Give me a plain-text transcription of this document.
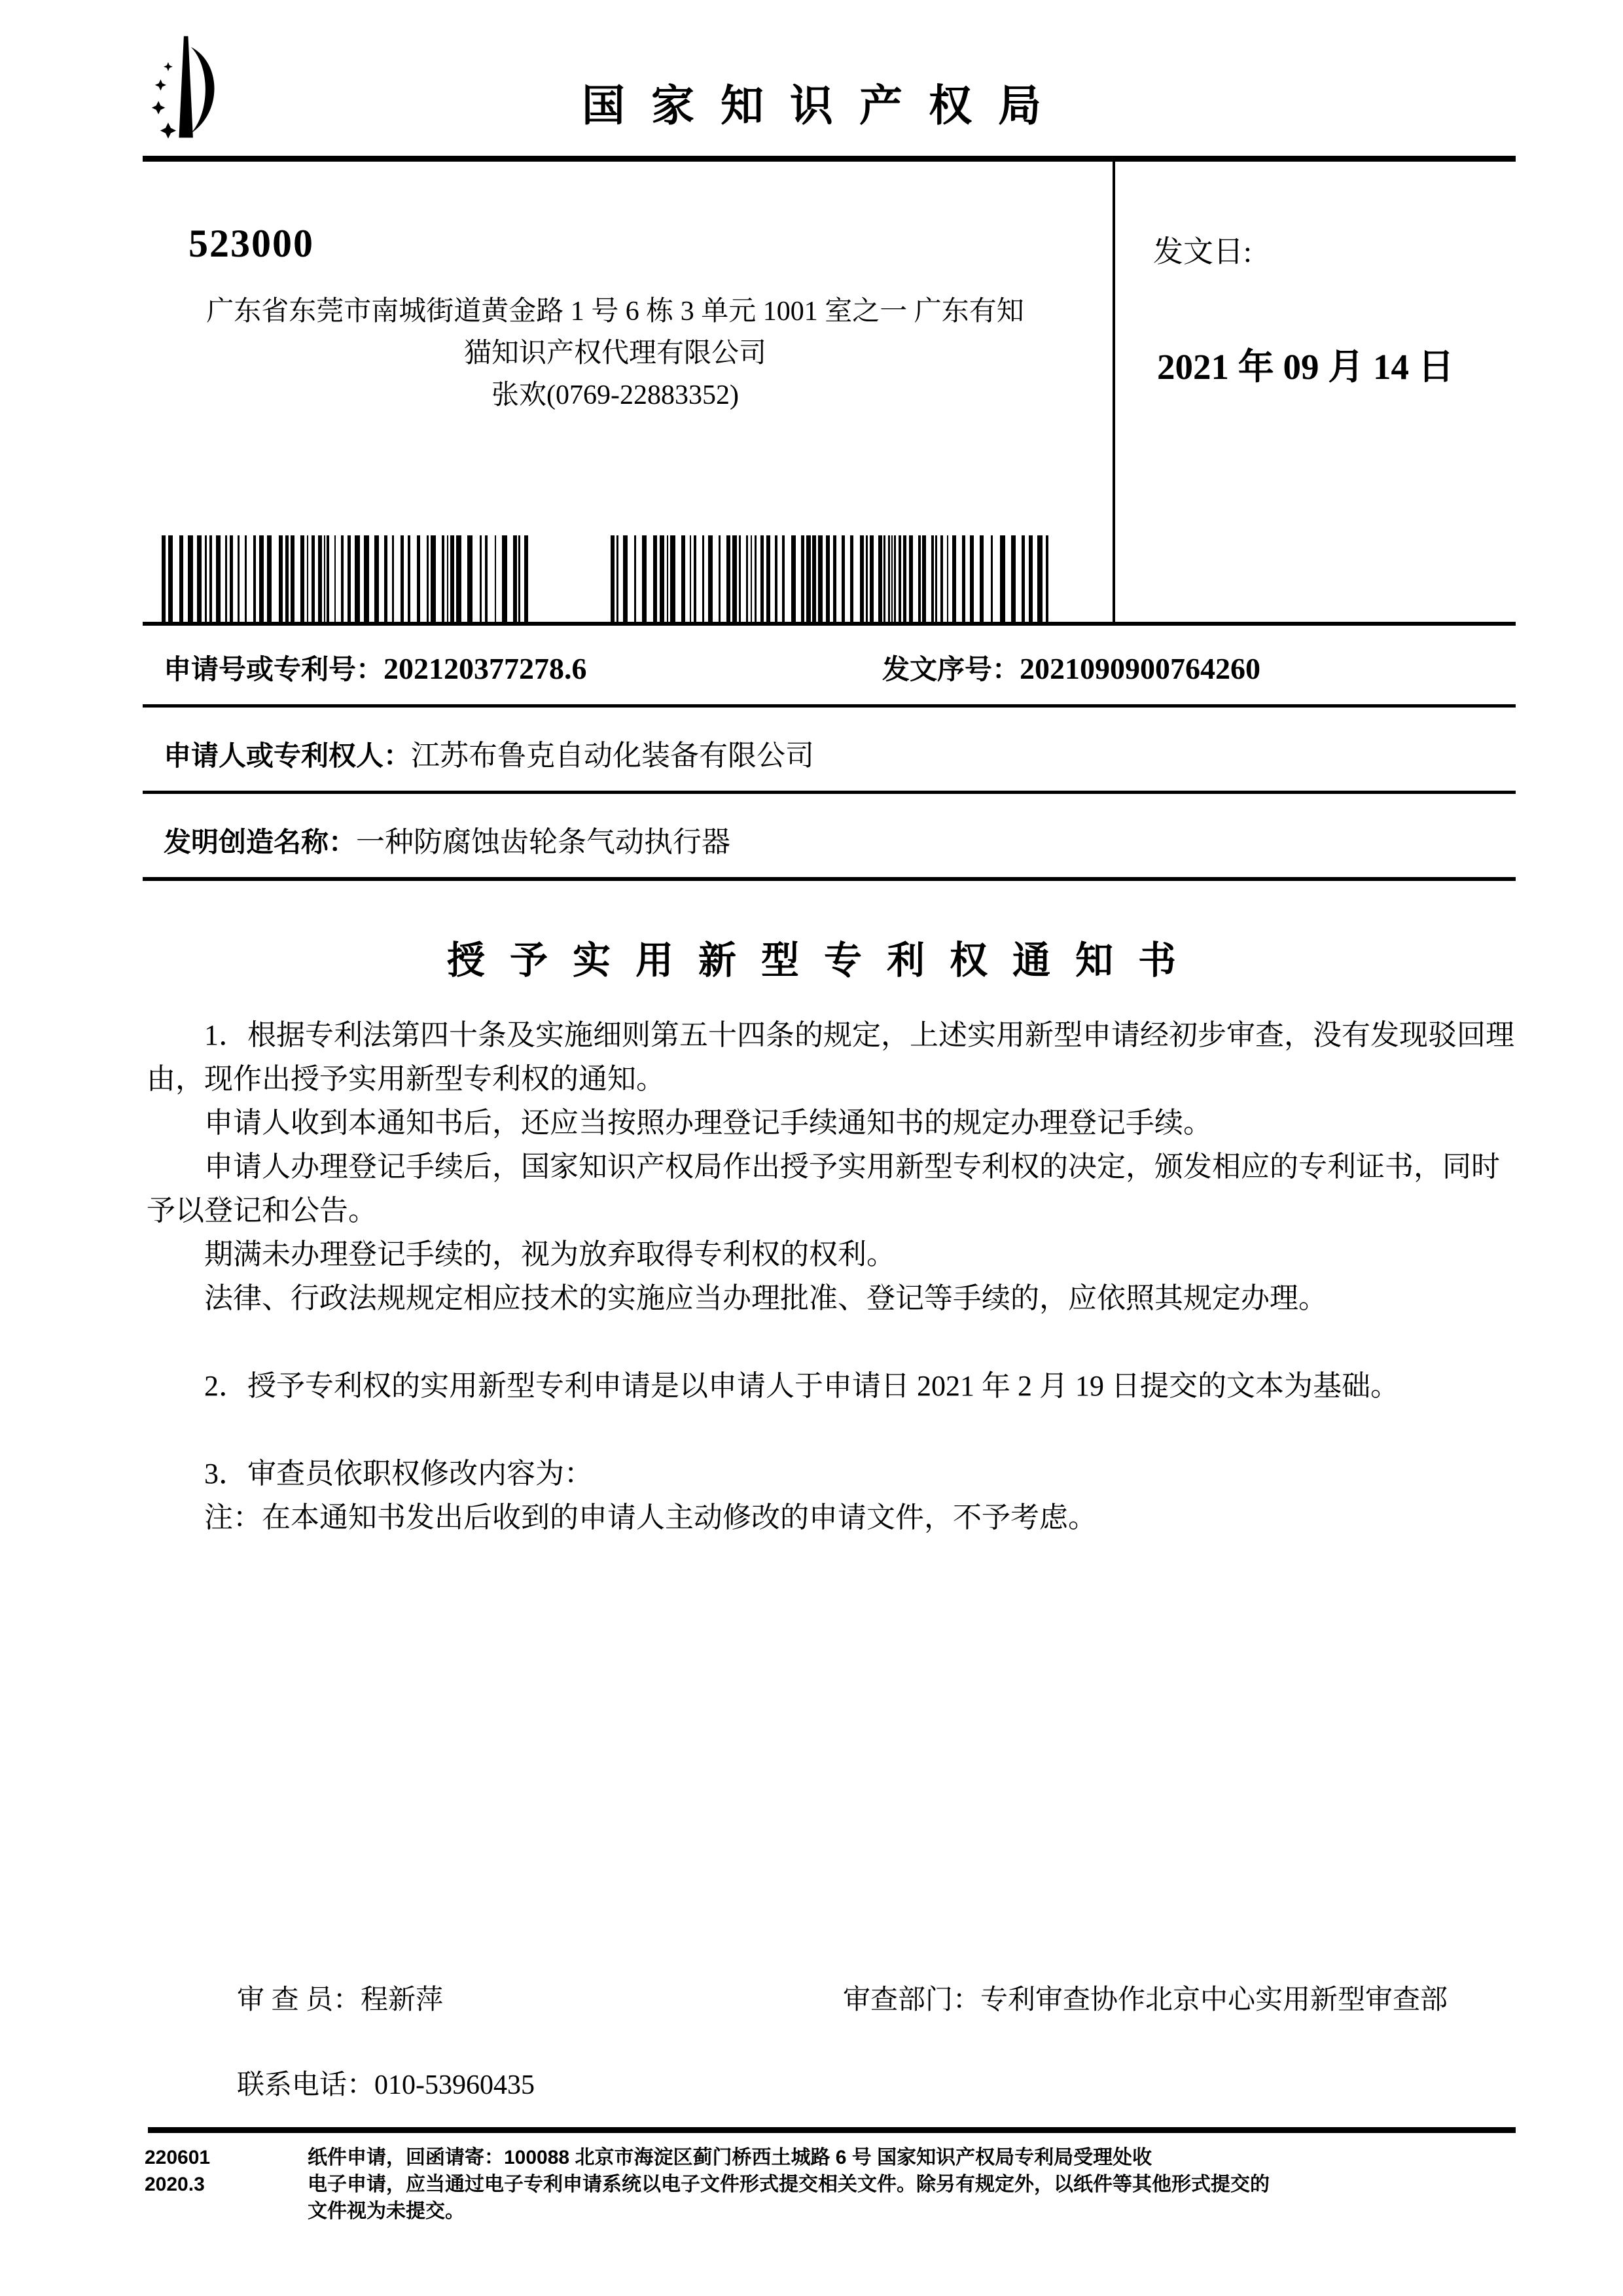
国家知识产权局
发文日:
2021 年 09 月 14 日
523000
广东省东莞市南城街道黄金路 1 号 6 栋 3 单元 1001 室之一 广东有知
猫知识产权代理有限公司
张欢(0769-22883352)
申请号或专利号：202120377278.6	发文序号：2021090900764260
申请人或专利权人：江苏布鲁克自动化装备有限公司
发明创造名称：一种防腐蚀齿轮条气动执行器
授予实用新型专利权通知书
1．根据专利法第四十条及实施细则第五十四条的规定，上述实用新型申请经初步审查，没有发现驳回理
由，现作出授予实用新型专利权的通知。
申请人收到本通知书后，还应当按照办理登记手续通知书的规定办理登记手续。
申请人办理登记手续后，国家知识产权局作出授予实用新型专利权的决定，颁发相应的专利证书，同时
予以登记和公告。
期满未办理登记手续的，视为放弃取得专利权的权利。
法律、行政法规规定相应技术的实施应当办理批准、登记等手续的，应依照其规定办理。
2．授予专利权的实用新型专利申请是以申请人于申请日 2021 年 2 月 19 日提交的文本为基础。
3．审查员依职权修改内容为：
注：在本通知书发出后收到的申请人主动修改的申请文件，不予考虑。
审 查 员：程新萍	审查部门：专利审查协作北京中心实用新型审查部
联系电话：010-53960435
220601
2020.3
纸件申请，回函请寄：100088 北京市海淀区蓟门桥西土城路 6 号 国家知识产权局专利局受理处收
电子申请，应当通过电子专利申请系统以电子文件形式提交相关文件。除另有规定外，以纸件等其他形式提交的
文件视为未提交。
